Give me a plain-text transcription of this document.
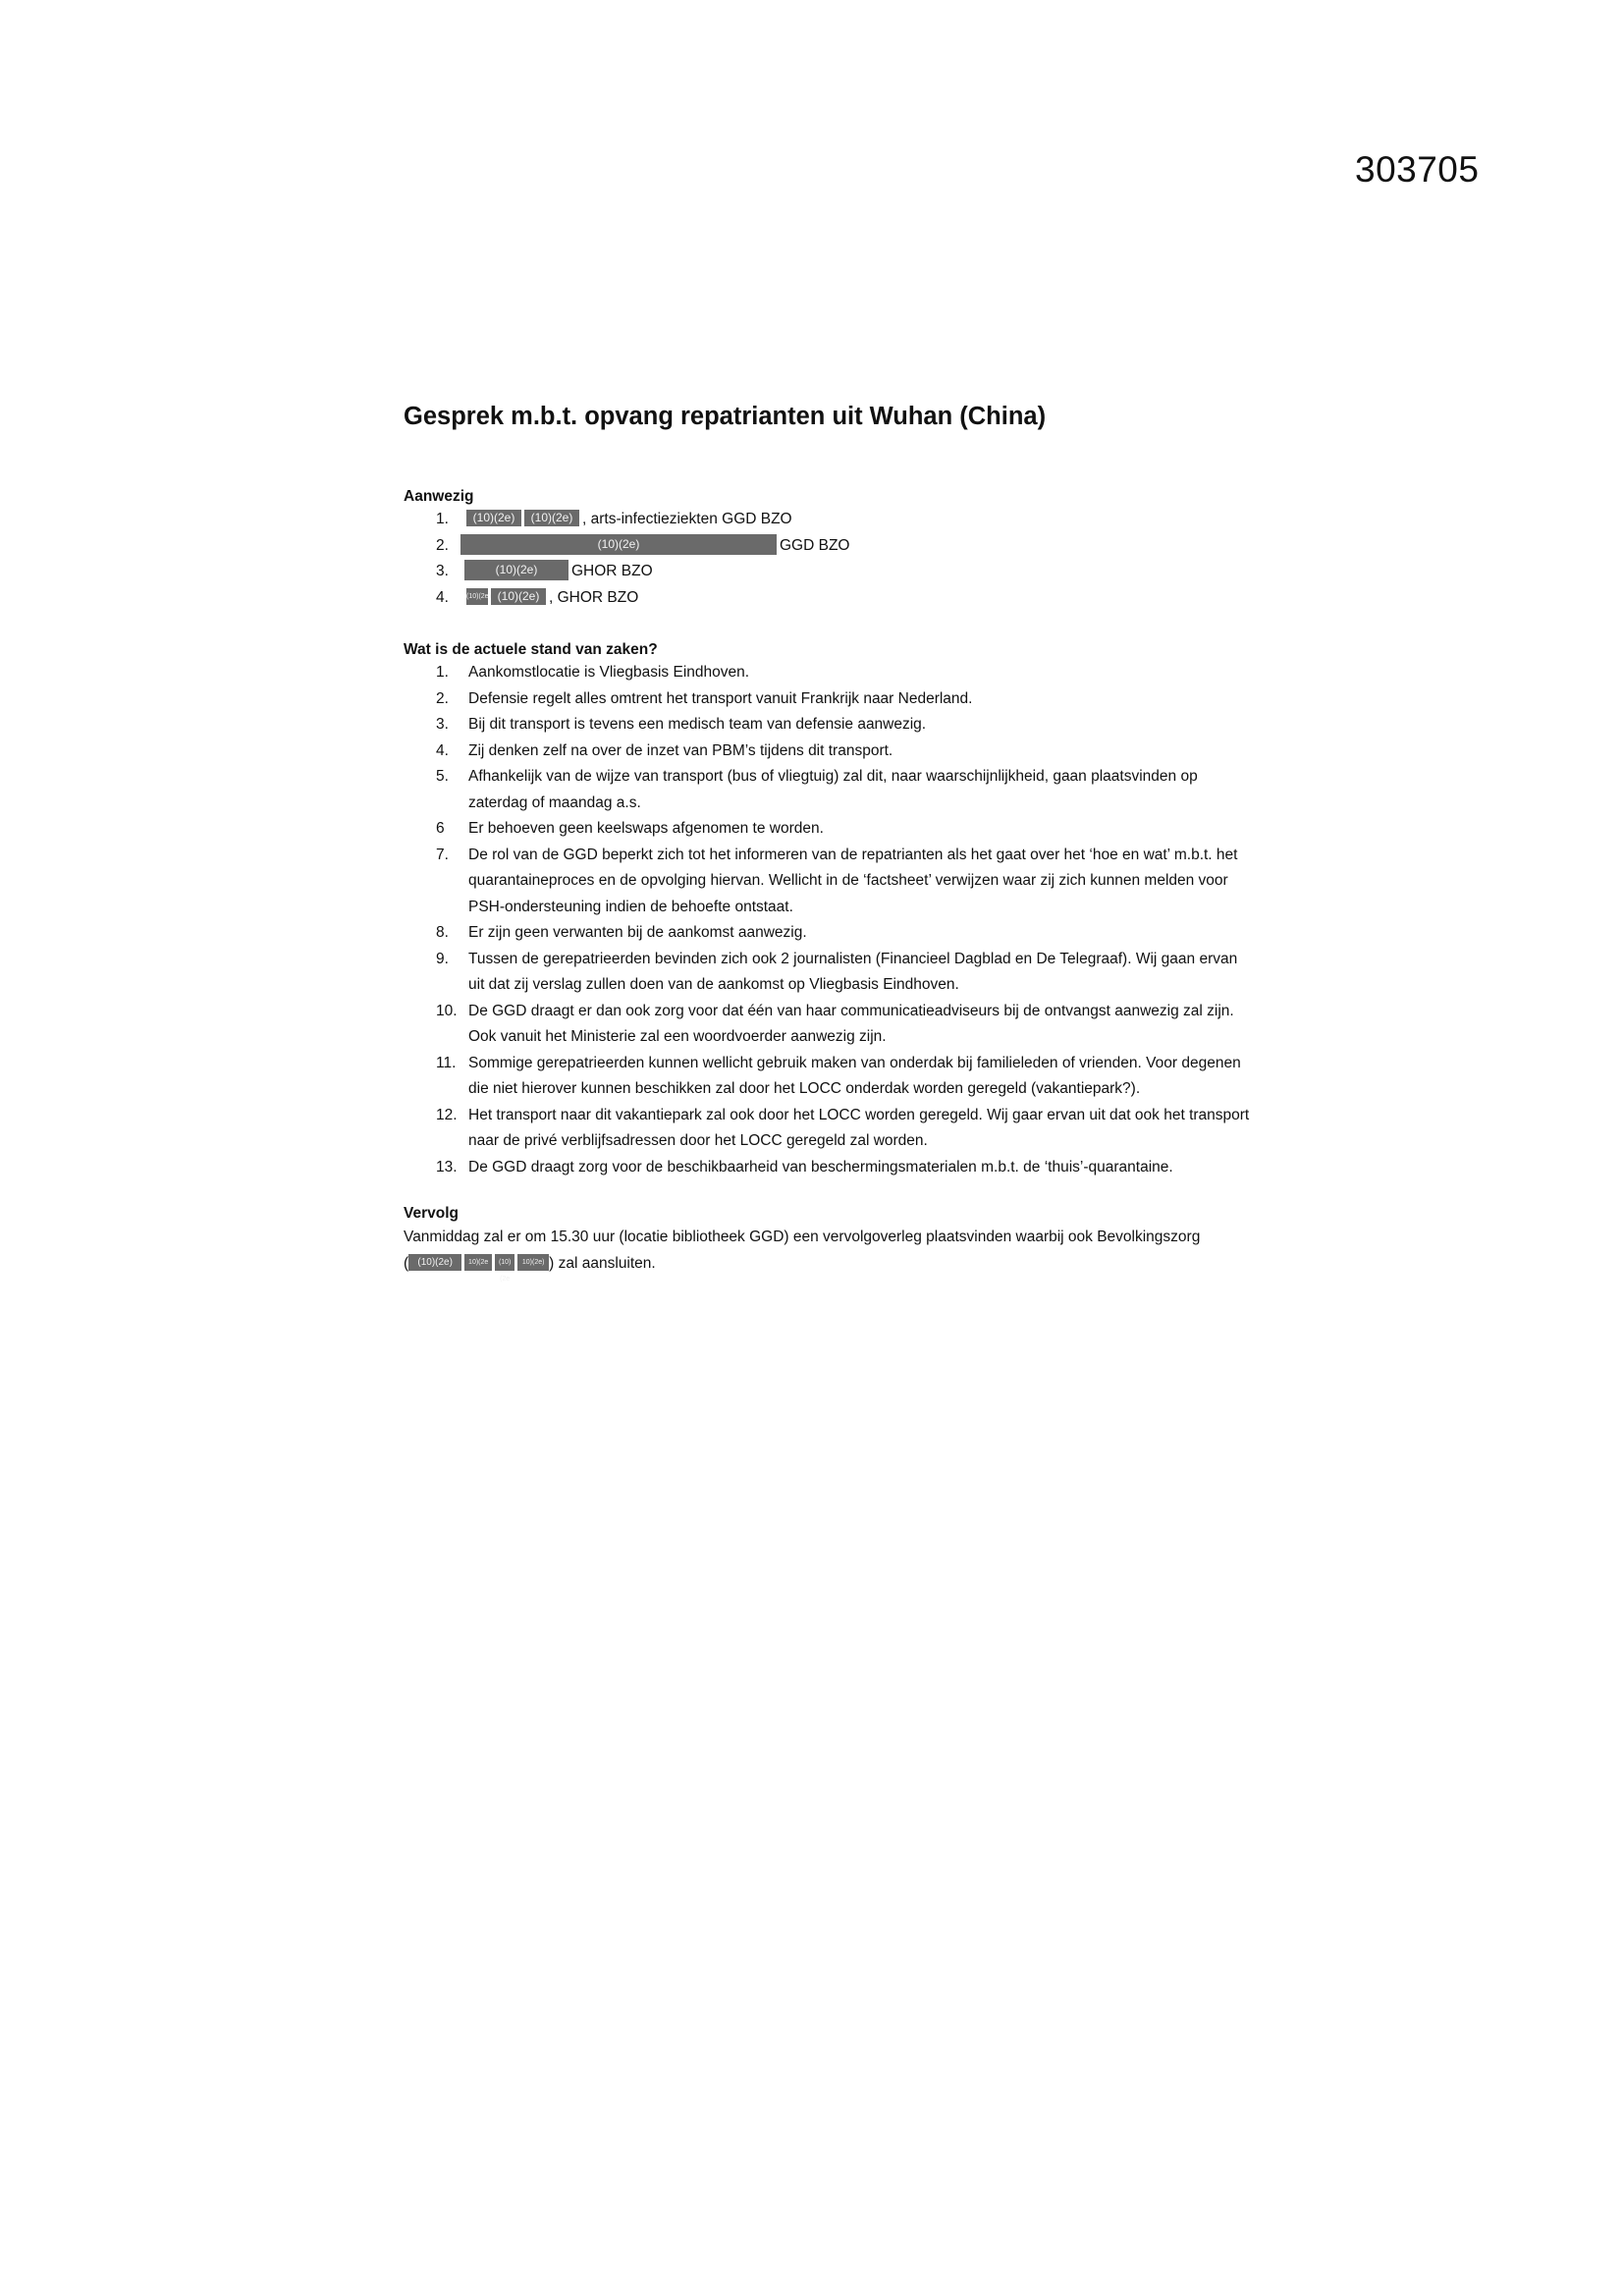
303705
Gesprek m.b.t. opvang repatrianten uit Wuhan (China)
Aanwezig
1. (10)(2e) (10)(2e) , arts-infectieziekten GGD BZO
2.	(10)(2e)	GGD BZO
3.	(10)(2e) GHOR BZO
4.	(10)(2e) (10)(2e) , GHOR BZO
Wat is de actuele stand van zaken?
1. Aankomstlocatie is Vliegbasis Eindhoven.
2. Defensie regelt alles omtrent het transport vanuit Frankrijk naar Nederland.
3. Bij dit transport is tevens een medisch team van defensie aanwezig.
4. Zij denken zelf na over de inzet van PBM’s tijdens dit transport.
5. Afhankelijk van de wijze van transport (bus of vliegtuig) zal dit, naar waarschijnlijkheid, gaan plaatsvinden op zaterdag of maandag a.s.
6 Er behoeven geen keelswaps afgenomen te worden.
7. De rol van de GGD beperkt zich tot het informeren van de repatrianten als het gaat over het ‘hoe en wat’ m.b.t. het quarantaineproces en de opvolging hiervan. Wellicht in de ‘factsheet’ verwijzen waar zij zich kunnen melden voor PSH-ondersteuning indien de behoefte ontstaat.
8. Er zijn geen verwanten bij de aankomst aanwezig.
9. Tussen de gerepatrieerden bevinden zich ook 2 journalisten (Financieel Dagblad en De Telegraaf). Wij gaan ervan uit dat zij verslag zullen doen van de aankomst op Vliegbasis Eindhoven.
10. De GGD draagt er dan ook zorg voor dat één van haar communicatieadviseurs bij de ontvangst aanwezig zal zijn. Ook vanuit het Ministerie zal een woordvoerder aanwezig zijn.
11. Sommige gerepatrieerden kunnen wellicht gebruik maken van onderdak bij familieleden of vrienden. Voor degenen die niet hierover kunnen beschikken zal door het LOCC onderdak worden geregeld (vakantiepark?).
12. Het transport naar dit vakantiepark zal ook door het LOCC worden geregeld. Wij gaar ervan uit dat ook het transport naar de privé verblijfsadressen door het LOCC geregeld zal worden.
13. De GGD draagt zorg voor de beschikbaarheid van beschermingsmaterialen m.b.t. de ‘thuis’-quarantaine.
Vervolg
Vanmiddag zal er om 15.30 uur (locatie bibliotheek GGD) een vervolgoverleg plaatsvinden waarbij ook Bevolkingszorg ( (10)(2e) 10)(2e (10)(2e10)(2e) ) zal aansluiten.
